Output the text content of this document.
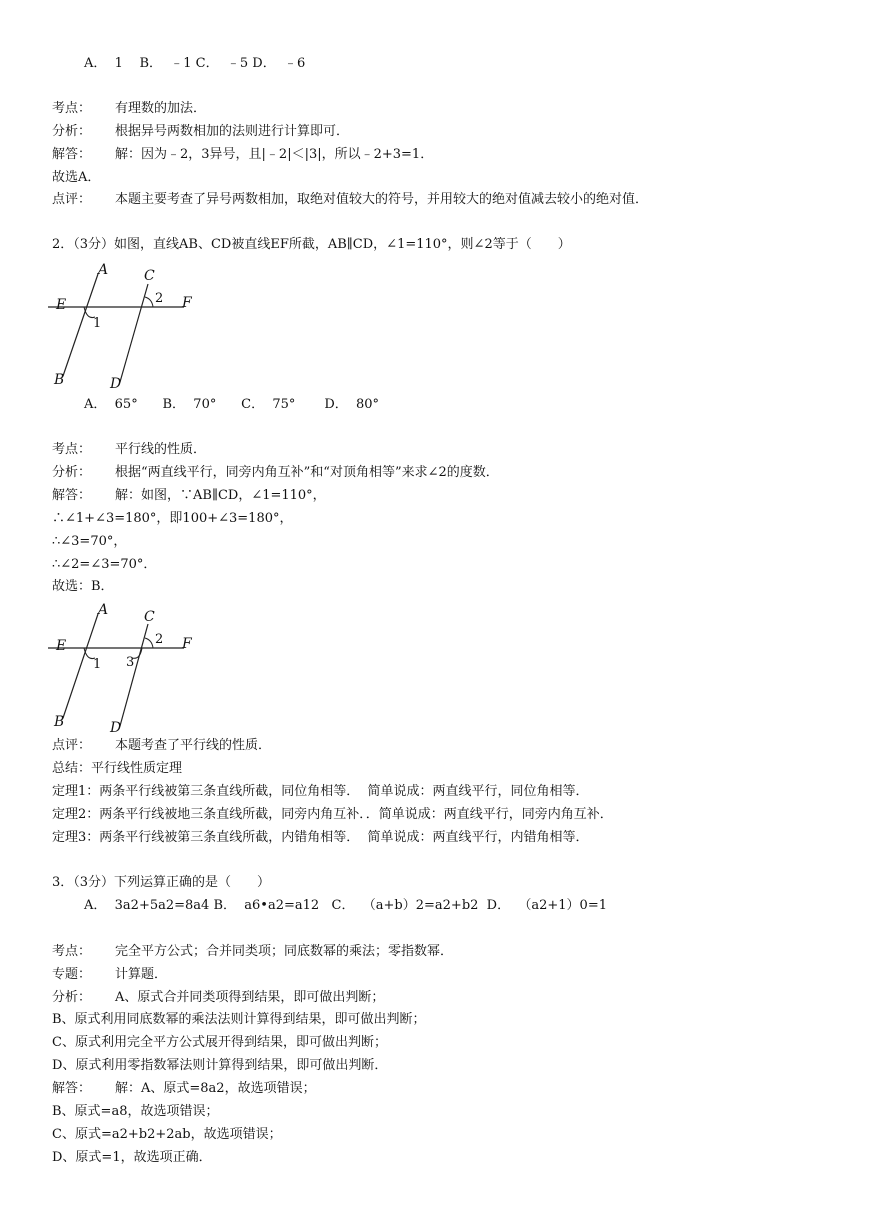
A．  1    B．  ﹣1 C．  ﹣5 D．  ﹣6
考点： 有理数的加法．
分析： 根据异号两数相加的法则进行计算即可．
解答： 解：因为﹣2，3异号，且|﹣2|＜|3|，所以﹣2+3=1．
故选A．
点评： 本题主要考查了异号两数相加，取绝对值较大的符号，并用较大的绝对值减去较小的绝对值．
2．（3分）如图，直线AB、CD被直线EF所截，AB∥CD，∠1=110°，则∠2等于（　　）
A
B
C
D
E	F
1
2
A．  65°      B．  70°      C．  75°       D．  80°
考点： 平行线的性质．
分析： 根据“两直线平行，同旁内角互补”和“对顶角相等”来求∠2的度数．
解答： 解：如图，∵AB∥CD，∠1=110°，
∴∠1+∠3=180°，即100+∠3=180°，
∴∠3=70°，
∴∠2=∠3=70°．
故选：B．
A
B
C
D
E	F
1
2
3
点评： 本题考查了平行线的性质．
总结：平行线性质定理
定理1：两条平行线被第三条直线所截，同位角相等．  简单说成：两直线平行，同位角相等．
定理2：两条平行线被地三条直线所截，同旁内角互补．．简单说成：两直线平行，同旁内角互补．
定理3：两条平行线被第三条直线所截，内错角相等．  简单说成：两直线平行，内错角相等．
3．（3分）下列运算正确的是（　　）
A．  3a2+5a2=8a4 B．  a6•a2=a12   C．  （a+b）2=a2+b2  D．  （a2+1）0=1
考点： 完全平方公式；合并同类项；同底数幂的乘法；零指数幂．
专题： 计算题．
分析： A、原式合并同类项得到结果，即可做出判断；
B、原式利用同底数幂的乘法法则计算得到结果，即可做出判断；
C、原式利用完全平方公式展开得到结果，即可做出判断；
D、原式利用零指数幂法则计算得到结果，即可做出判断．
解答： 解：A、原式=8a2，故选项错误；
B、原式=a8，故选项错误；
C、原式=a2+b2+2ab，故选项错误；
D、原式=1，故选项正确．
